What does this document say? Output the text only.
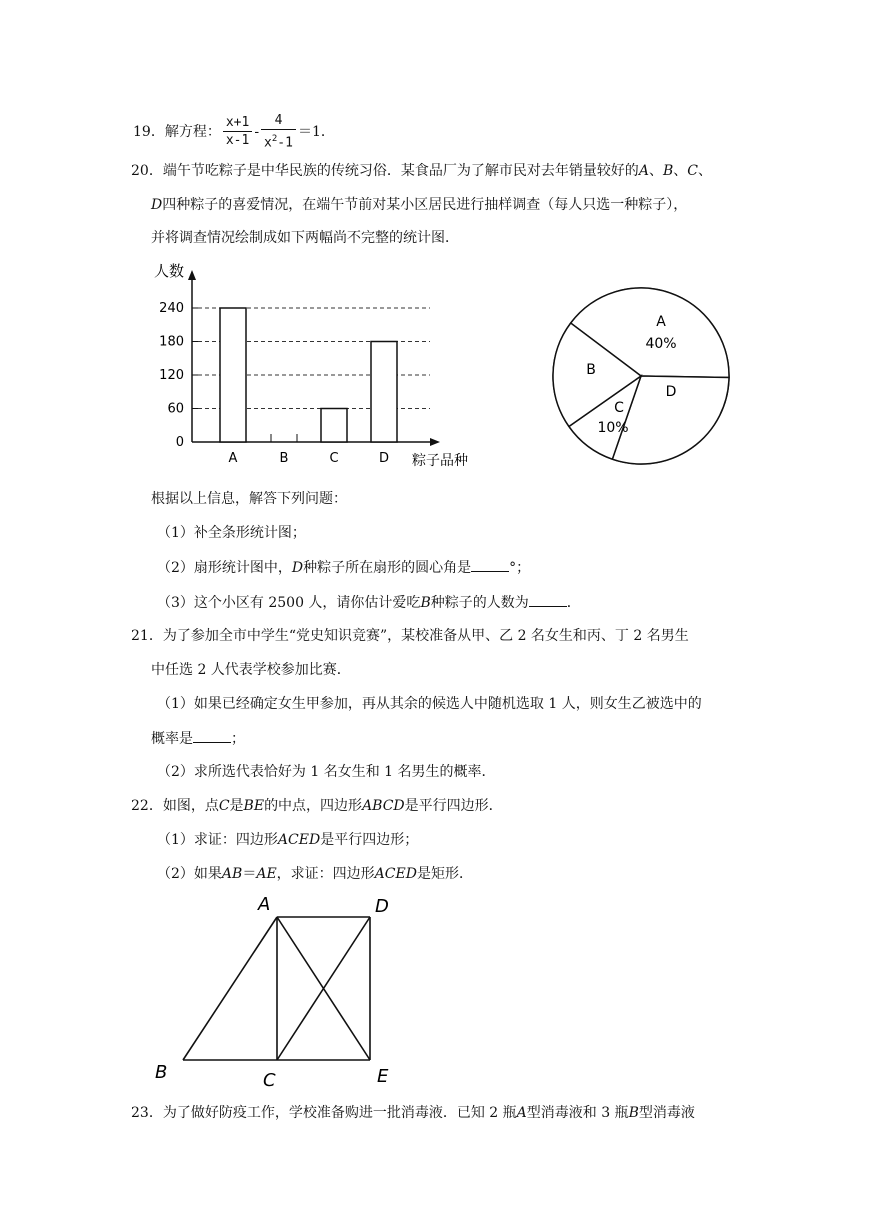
19．解方程： $\frac{x+1}{x-1} - \frac{4}{x^2-1} =1$．
20．端午节吃粽子是中华民族的传统习俗．某食品厂为了解市民对去年销量较好的A、B、C、
D四种粽子的喜爱情况，在端午节前对某小区居民进行抽样调查（每人只选一种粽子），
并将调查情况绘制成如下两幅尚不完整的统计图．
人数
粽子品种
0
60
120
180
240
A	B	C	D
A
40%
D
C
10%
B
根据以上信息，解答下列问题：
（1）补全条形统计图；
（2）扇形统计图中，D种粽子所在扇形的圆心角是	°；
（3）这个小区有 2500 人，请你估计爱吃B种粽子的人数为	．
21．为了参加全市中学生“党史知识竞赛”，某校准备从甲、乙 2 名女生和丙、丁 2 名男生
中任选 2 人代表学校参加比赛．
（1）如果已经确定女生甲参加，再从其余的候选人中随机选取 1 人，则女生乙被选中的
概率是	；
（2）求所选代表恰好为 1 名女生和 1 名男生的概率．
22．如图，点C是BE的中点，四边形ABCD是平行四边形．
（1）求证：四边形ACED是平行四边形；
（2）如果AB＝AE，求证：四边形ACED是矩形．
A	D
B	C	E
23．为了做好防疫工作，学校准备购进一批消毒液．已知 2 瓶A型消毒液和 3 瓶B型消毒液
